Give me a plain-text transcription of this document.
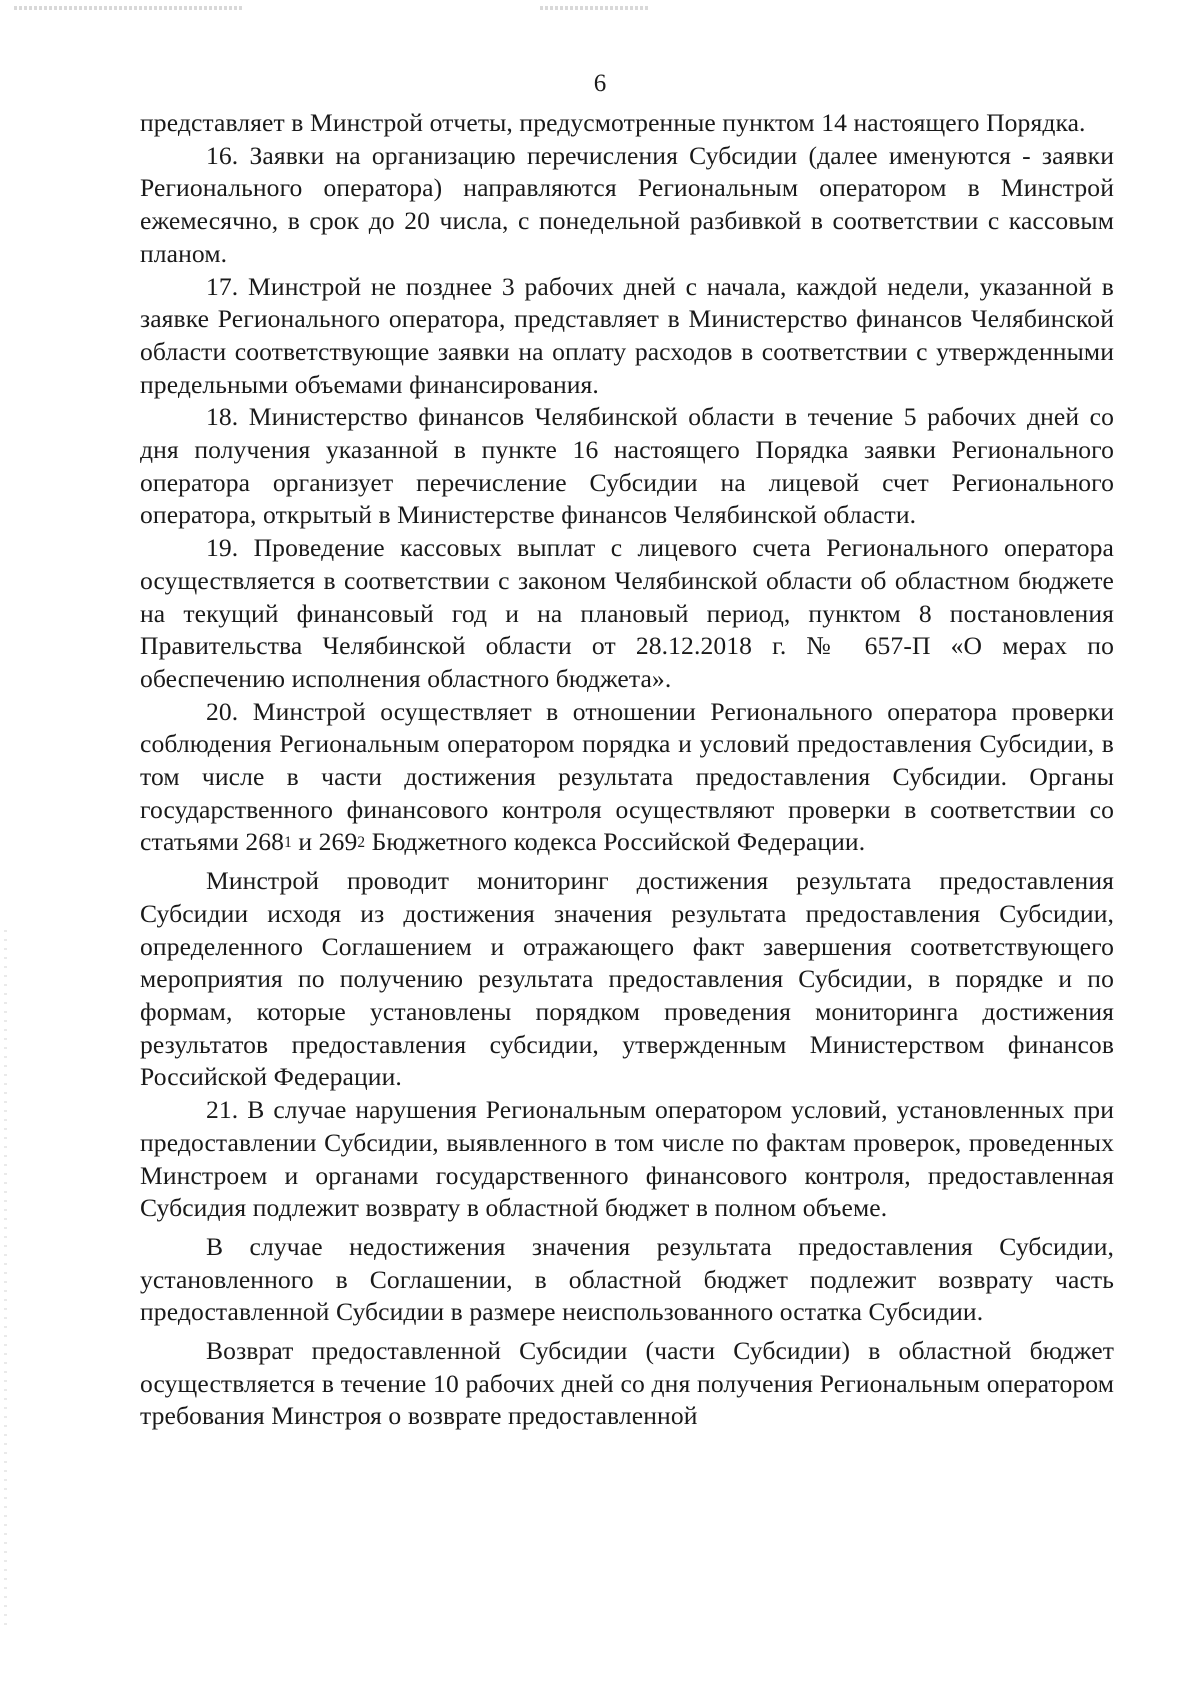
6

представляет в Минстрой отчеты, предусмотренные пунктом 14 настоящего Порядка.

16. Заявки на организацию перечисления Субсидии (далее именуются - заявки Регионального оператора) направляются Региональным оператором в Минстрой ежемесячно, в срок до 20 числа, с понедельной разбивкой в соответствии с кассовым планом.

17. Минстрой не позднее 3 рабочих дней с начала, каждой недели, указанной в заявке Регионального оператора, представляет в Министерство финансов Челябинской области соответствующие заявки на оплату расходов в соответствии с утвержденными предельными объемами финансирования.

18. Министерство финансов Челябинской области в течение 5 рабочих дней со дня получения указанной в пункте 16 настоящего Порядка заявки Регионального оператора организует перечисление Субсидии на лицевой счет Регионального оператора, открытый в Министерстве финансов Челябинской области.

19. Проведение кассовых выплат с лицевого счета Регионального оператора осуществляется в соответствии с законом Челябинской области об областном бюджете на текущий финансовый год и на плановый период, пунктом 8 постановления Правительства Челябинской области от 28.12.2018 г. № 657-П «О мерах по обеспечению исполнения областного бюджета».

20. Минстрой осуществляет в отношении Регионального оператора проверки соблюдения Региональным оператором порядка и условий предоставления Субсидии, в том числе в части достижения результата предоставления Субсидии. Органы государственного финансового контроля осуществляют проверки в соответствии со статьями $268^1$ и $269^2$ Бюджетного кодекса Российской Федерации.

Минстрой проводит мониторинг достижения результата предоставления Субсидии исходя из достижения значения результата предоставления Субсидии, определенного Соглашением и отражающего факт завершения соответствующего мероприятия по получению результата предоставления Субсидии, в порядке и по формам, которые установлены порядком проведения мониторинга достижения результатов предоставления субсидии, утвержденным Министерством финансов Российской Федерации.

21. В случае нарушения Региональным оператором условий, установленных при предоставлении Субсидии, выявленного в том числе по фактам проверок, проведенных Минстроем и органами государственного финансового контроля, предоставленная Субсидия подлежит возврату в областной бюджет в полном объеме.

В случае недостижения значения результата предоставления Субсидии, установленного в Соглашении, в областной бюджет подлежит возврату часть предоставленной Субсидии в размере неиспользованного остатка Субсидии.

Возврат предоставленной Субсидии (части Субсидии) в областной бюджет осуществляется в течение 10 рабочих дней со дня получения Региональным оператором требования Минстроя о возврате предоставленной
